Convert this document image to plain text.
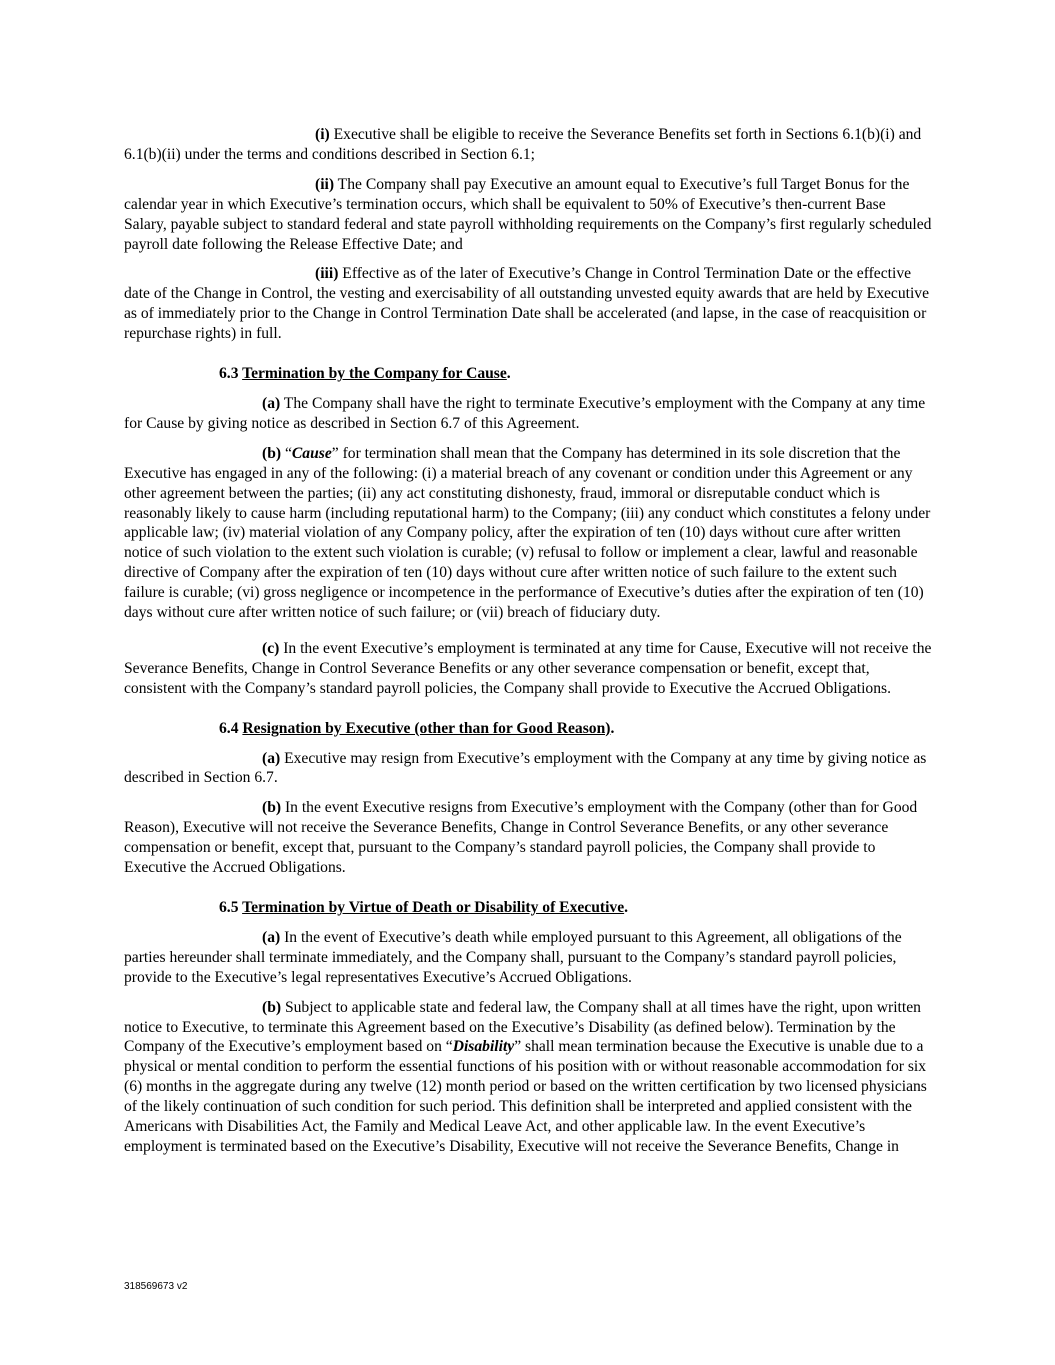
(i) Executive shall be eligible to receive the Severance Benefits set forth in Sections 6.1(b)(i) and 6.1(b)(ii) under the terms and conditions described in Section 6.1;

(ii) The Company shall pay Executive an amount equal to Executive’s full Target Bonus for the calendar year in which Executive’s termination occurs, which shall be equivalent to 50% of Executive’s then-current Base Salary, payable subject to standard federal and state payroll withholding requirements on the Company’s first regularly scheduled payroll date following the Release Effective Date; and

(iii) Effective as of the later of Executive’s Change in Control Termination Date or the effective date of the Change in Control, the vesting and exercisability of all outstanding unvested equity awards that are held by Executive as of immediately prior to the Change in Control Termination Date shall be accelerated (and lapse, in the case of reacquisition or repurchase rights) in full.

6.3 Termination by the Company for Cause.

(a) The Company shall have the right to terminate Executive’s employment with the Company at any time for Cause by giving notice as described in Section 6.7 of this Agreement.

(b) “Cause” for termination shall mean that the Company has determined in its sole discretion that the Executive has engaged in any of the following: (i) a material breach of any covenant or condition under this Agreement or any other agreement between the parties; (ii) any act constituting dishonesty, fraud, immoral or disreputable conduct which is reasonably likely to cause harm (including reputational harm) to the Company; (iii) any conduct which constitutes a felony under applicable law; (iv) material violation of any Company policy, after the expiration of ten (10) days without cure after written notice of such violation to the extent such violation is curable; (v) refusal to follow or implement a clear, lawful and reasonable directive of Company after the expiration of ten (10) days without cure after written notice of such failure to the extent such failure is curable; (vi) gross negligence or incompetence in the performance of Executive’s duties after the expiration of ten (10) days without cure after written notice of such failure; or (vii) breach of fiduciary duty.

(c) In the event Executive’s employment is terminated at any time for Cause, Executive will not receive the Severance Benefits, Change in Control Severance Benefits or any other severance compensation or benefit, except that, consistent with the Company’s standard payroll policies, the Company shall provide to Executive the Accrued Obligations.

6.4 Resignation by Executive (other than for Good Reason).

(a) Executive may resign from Executive’s employment with the Company at any time by giving notice as described in Section 6.7.

(b) In the event Executive resigns from Executive’s employment with the Company (other than for Good Reason), Executive will not receive the Severance Benefits, Change in Control Severance Benefits, or any other severance compensation or benefit, except that, pursuant to the Company’s standard payroll policies, the Company shall provide to Executive the Accrued Obligations.

6.5 Termination by Virtue of Death or Disability of Executive.

(a) In the event of Executive’s death while employed pursuant to this Agreement, all obligations of the parties hereunder shall terminate immediately, and the Company shall, pursuant to the Company’s standard payroll policies, provide to the Executive’s legal representatives Executive’s Accrued Obligations.

(b) Subject to applicable state and federal law, the Company shall at all times have the right, upon written notice to Executive, to terminate this Agreement based on the Executive’s Disability (as defined below). Termination by the Company of the Executive’s employment based on “Disability” shall mean termination because the Executive is unable due to a physical or mental condition to perform the essential functions of his position with or without reasonable accommodation for six (6) months in the aggregate during any twelve (12) month period or based on the written certification by two licensed physicians of the likely continuation of such condition for such period. This definition shall be interpreted and applied consistent with the Americans with Disabilities Act, the Family and Medical Leave Act, and other applicable law. In the event Executive’s employment is terminated based on the Executive’s Disability, Executive will not receive the Severance Benefits, Change in

318569673 v2
